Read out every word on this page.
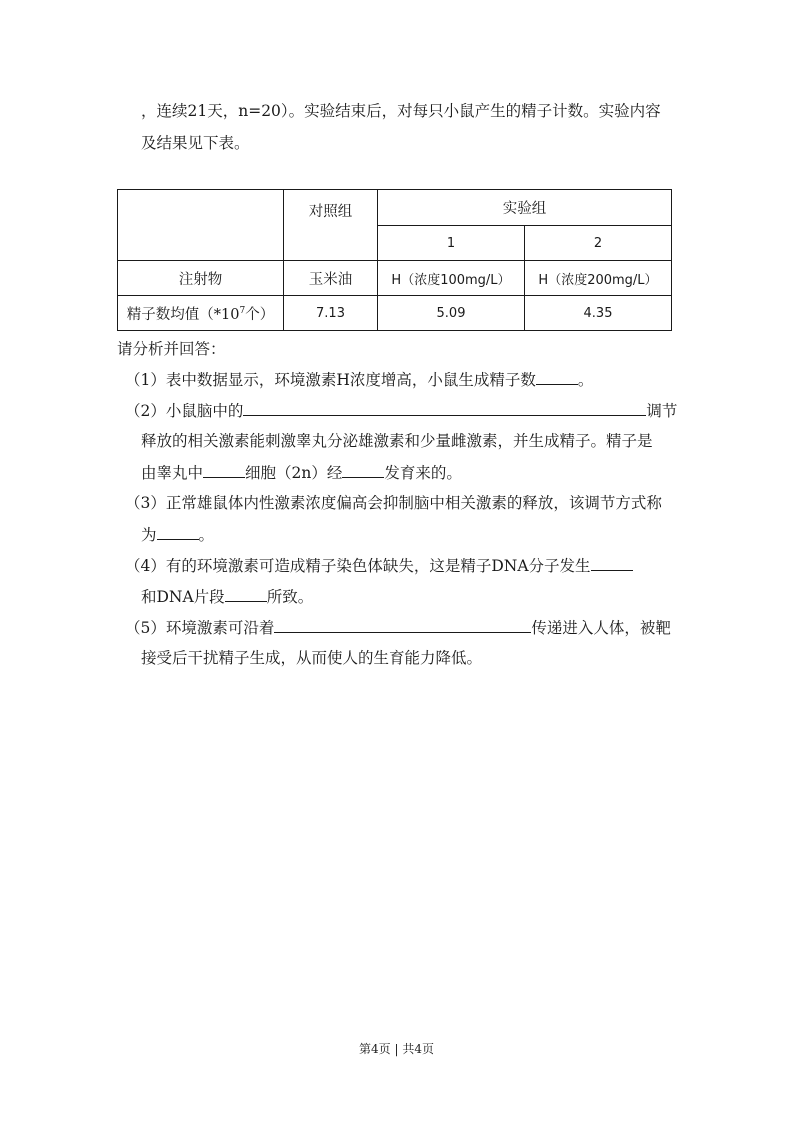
，连续21天，n=20）。实验结束后，对每只小鼠产生的精子计数。实验内容
及结果见下表。
	对照组	实验组	
		1	2
注射物	玉米油	H（浓度100mg/L）	H（浓度200mg/L）
精子数均值（$*10^7$个）	7.13	5.09	4.35
请分析并回答：
（1）表中数据显示，环境激素H浓度增高，小鼠生成精子数	。
（2）小鼠脑中的	调节
释放的相关激素能刺激睾丸分泌雄激素和少量雌激素，并生成精子。精子是
由睾丸中	细胞（2n）经	发育来的。
（3）正常雄鼠体内性激素浓度偏高会抑制脑中相关激素的释放，该调节方式称
为	。
（4）有的环境激素可造成精子染色体缺失，这是精子DNA分子发生
和DNA片段	所致。
（5）环境激素可沿着	传递进入人体，被靶
接受后干扰精子生成，从而使人的生育能力降低。
第4页 | 共4页
